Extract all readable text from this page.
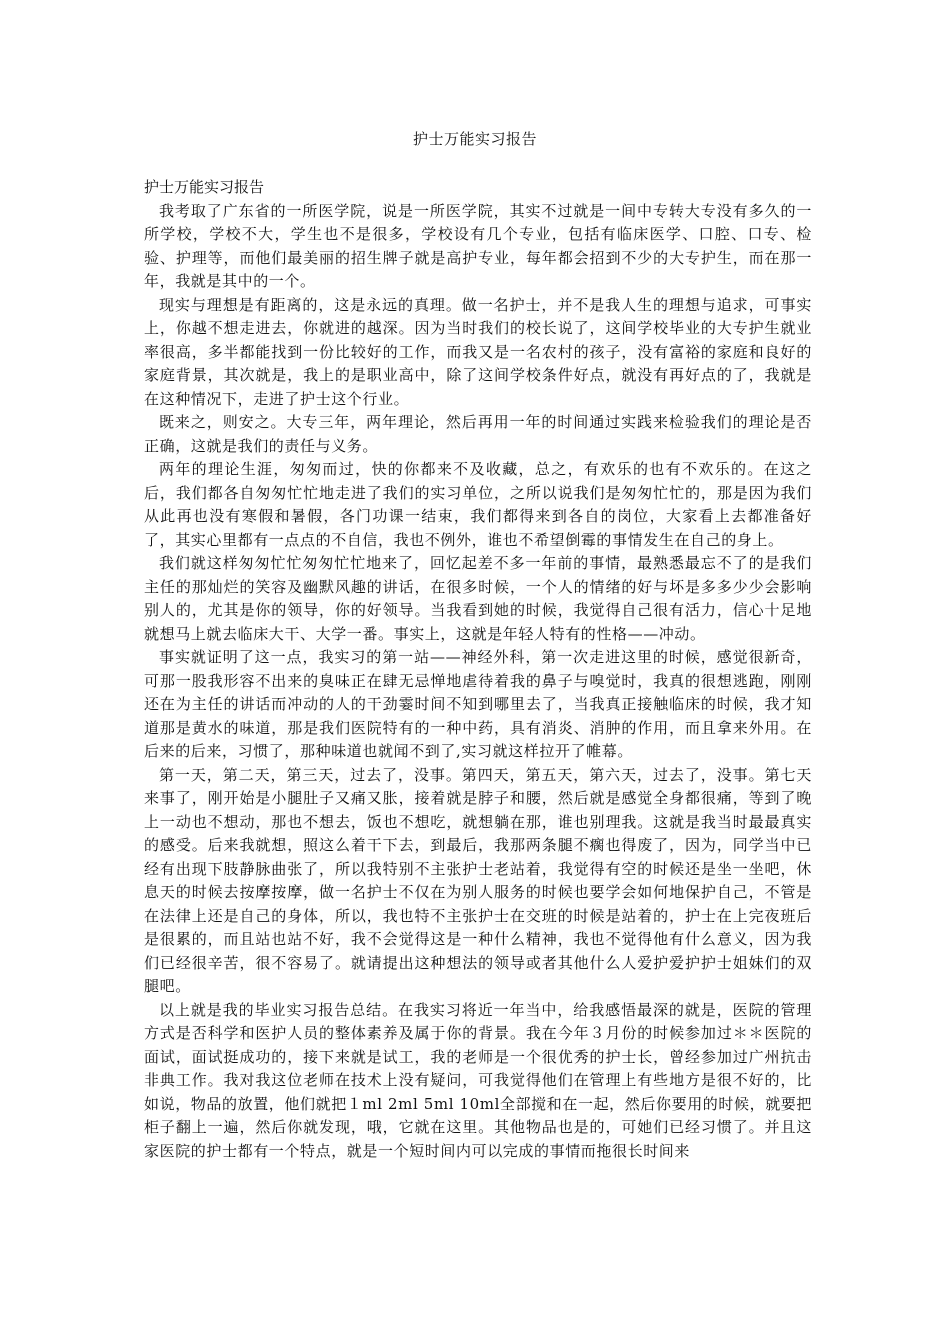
护士万能实习报告

护士万能实习报告

我考取了广东省的一所医学院，说是一所医学院，其实不过就是一间中专转大专没有多久的一所学校，学校不大，学生也不是很多，学校设有几个专业，包括有临床医学、口腔、口专、检验、护理等，而他们最美丽的招生牌子就是高护专业，每年都会招到不少的大专护生，而在那一年，我就是其中的一个。

现实与理想是有距离的，这是永远的真理。做一名护士，并不是我人生的理想与追求，可事实上，你越不想走进去，你就进的越深。因为当时我们的校长说了，这间学校毕业的大专护生就业率很高，多半都能找到一份比较好的工作，而我又是一名农村的孩子，没有富裕的家庭和良好的家庭背景，其次就是，我上的是职业高中，除了这间学校条件好点，就没有再好点的了，我就是在这种情况下，走进了护士这个行业。

既来之，则安之。大专三年，两年理论，然后再用一年的时间通过实践来检验我们的理论是否正确，这就是我们的责任与义务。

两年的理论生涯，匆匆而过，快的你都来不及收藏，总之，有欢乐的也有不欢乐的。在这之后，我们都各自匆匆忙忙地走进了我们的实习单位，之所以说我们是匆匆忙忙的，那是因为我们从此再也没有寒假和暑假，各门功课一结束，我们都得来到各自的岗位，大家看上去都准备好了，其实心里都有一点点的不自信，我也不例外，谁也不希望倒霉的事情发生在自己的身上。

我们就这样匆匆忙忙匆匆忙忙地来了，回忆起差不多一年前的事情，最熟悉最忘不了的是我们主任的那灿烂的笑容及幽默风趣的讲话，在很多时候，一个人的情绪的好与坏是多多少少会影响别人的，尤其是你的领导，你的好领导。当我看到她的时候，我觉得自己很有活力，信心十足地就想马上就去临床大干、大学一番。事实上，这就是年轻人特有的性格——冲动。

事实就证明了这一点，我实习的第一站——神经外科，第一次走进这里的时候，感觉很新奇，可那一股我形容不出来的臭味正在肆无忌惮地虐待着我的鼻子与嗅觉时，我真的很想逃跑，刚刚还在为主任的讲话而冲动的人的干劲霎时间不知到哪里去了，当我真正接触临床的时候，我才知道那是黄水的味道，那是我们医院特有的一种中药，具有消炎、消肿的作用，而且拿来外用。在后来的后来，习惯了，那种味道也就闻不到了,实习就这样拉开了帷幕。

第一天，第二天，第三天，过去了，没事。第四天，第五天，第六天，过去了，没事。第七天来事了，刚开始是小腿肚子又痛又胀，接着就是脖子和腰，然后就是感觉全身都很痛，等到了晚上一动也不想动，那也不想去，饭也不想吃，就想躺在那，谁也别理我。这就是我当时最最真实的感受。后来我就想，照这么着干下去，到最后，我那两条腿不瘸也得废了，因为，同学当中已经有出现下肢静脉曲张了，所以我特别不主张护士老站着，我觉得有空的时候还是坐一坐吧，休息天的时候去按摩按摩，做一名护士不仅在为别人服务的时候也要学会如何地保护自己，不管是在法律上还是自己的身体，所以，我也特不主张护士在交班的时候是站着的，护士在上完夜班后是很累的，而且站也站不好，我不会觉得这是一种什么精神，我也不觉得他有什么意义，因为我们已经很辛苦，很不容易了。就请提出这种想法的领导或者其他什么人爱护爱护护士姐妹们的双腿吧。

以上就是我的毕业实习报告总结。在我实习将近一年当中，给我感悟最深的就是，医院的管理方式是否科学和医护人员的整体素养及属于你的背景。我在今年３月份的时候参加过＊＊医院的面试，面试挺成功的，接下来就是试工，我的老师是一个很优秀的护士长，曾经参加过广州抗击非典工作。我对我这位老师在技术上没有疑问，可我觉得他们在管理上有些地方是很不好的，比如说，物品的放置，他们就把１ml 2ml 5ml 10ml全部搅和在一起，然后你要用的时候，就要把柜子翻上一遍，然后你就发现，哦，它就在这里。其他物品也是的，可她们已经习惯了。并且这家医院的护士都有一个特点，就是一个短时间内可以完成的事情而拖很长时间来
